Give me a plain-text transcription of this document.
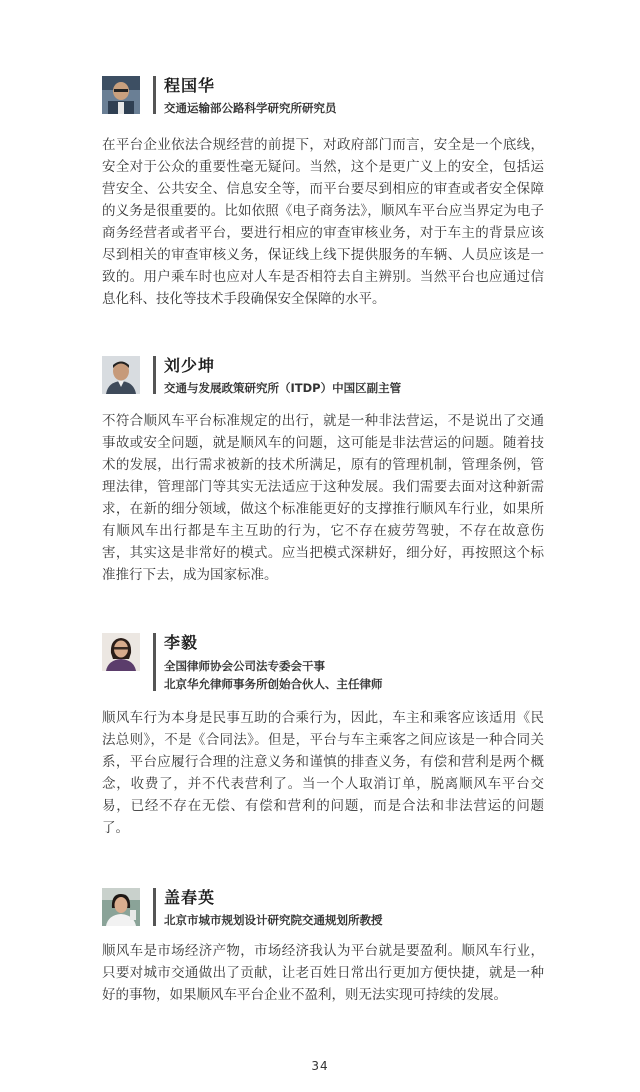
程国华
交通运输部公路科学研究所研究员
在平台企业依法合规经营的前提下，对政府部门而言，安全是一个底线，安全对于公众的重要性毫无疑问。当然，这个是更广义上的安全，包括运营安全、公共安全、信息安全等，而平台要尽到相应的审查或者安全保障的义务是很重要的。比如依照《电子商务法》，顺风车平台应当界定为电子商务经营者或者平台，要进行相应的审查审核业务，对于车主的背景应该尽到相关的审查审核义务，保证线上线下提供服务的车辆、人员应该是一致的。用户乘车时也应对人车是否相符去自主辨别。当然平台也应通过信息化科、技化等技术手段确保安全保障的水平。
刘少坤
交通与发展政策研究所（ITDP）中国区副主管
不符合顺风车平台标准规定的出行，就是一种非法营运，不是说出了交通事故或安全问题，就是顺风车的问题，这可能是非法营运的问题。随着技术的发展，出行需求被新的技术所满足，原有的管理机制，管理条例，管理法律，管理部门等其实无法适应于这种发展。我们需要去面对这种新需求，在新的细分领域，做这个标准能更好的支撑推行顺风车行业，如果所有顺风车出行都是车主互助的行为，它不存在疲劳驾驶，不存在故意伤害，其实这是非常好的模式。应当把模式深耕好，细分好，再按照这个标准推行下去，成为国家标准。
李毅
全国律师协会公司法专委会干事
北京华允律师事务所创始合伙人、主任律师
顺风车行为本身是民事互助的合乘行为，因此，车主和乘客应该适用《民法总则》，不是《合同法》。但是，平台与车主乘客之间应该是一种合同关系，平台应履行合理的注意义务和谨慎的排查义务，有偿和营利是两个概念，收费了，并不代表营利了。当一个人取消订单，脱离顺风车平台交易，已经不存在无偿、有偿和营利的问题，而是合法和非法营运的问题了。
盖春英
北京市城市规划设计研究院交通规划所教授
顺风车是市场经济产物，市场经济我认为平台就是要盈利。顺风车行业，只要对城市交通做出了贡献，让老百姓日常出行更加方便快捷，就是一种好的事物，如果顺风车平台企业不盈利，则无法实现可持续的发展。
34
